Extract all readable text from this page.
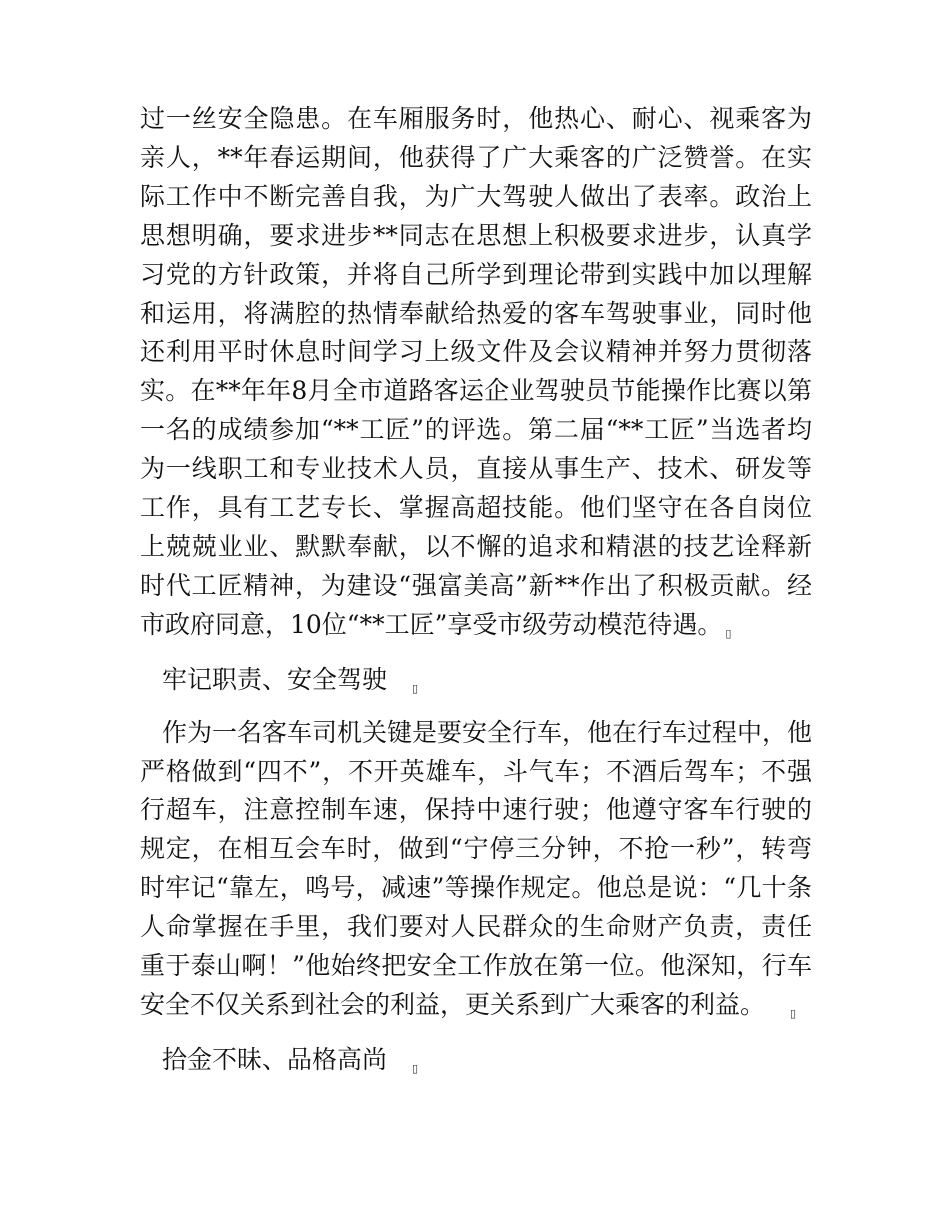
过一丝安全隐患。在车厢服务时，他热心、耐心、视乘客为亲人，**年春运期间，他获得了广大乘客的广泛赞誉。在实际工作中不断完善自我，为广大驾驶人做出了表率。政治上思想明确，要求进步**同志在思想上积极要求进步，认真学习党的方针政策，并将自己所学到理论带到实践中加以理解和运用，将满腔的热情奉献给热爱的客车驾驶事业，同时他还利用平时休息时间学习上级文件及会议精神并努力贯彻落实。在**年年8月全市道路客运企业驾驶员节能操作比赛以第一名的成绩参加“**工匠”的评选。第二届“**工匠”当选者均为一线职工和专业技术人员，直接从事生产、技术、研发等工作，具有工艺专长、掌握高超技能。他们坚守在各自岗位上兢兢业业、默默奉献，以不懈的追求和精湛的技艺诠释新时代工匠精神，为建设“强富美高”新**作出了积极贡献。经市政府同意，10位“**工匠”享受市级劳动模范待遇。 ▯

牢记职责、安全驾驶 ▯

作为一名客车司机关键是要安全行车，他在行车过程中，他严格做到“四不”，不开英雄车，斗气车；不酒后驾车；不强行超车，注意控制车速，保持中速行驶；他遵守客车行驶的规定，在相互会车时，做到“宁停三分钟，不抢一秒”，转弯时牢记“靠左，鸣号，减速”等操作规定。他总是说：“几十条人命掌握在手里，我们要对人民群众的生命财产负责，责任重于泰山啊！”他始终把安全工作放在第一位。他深知，行车安全不仅关系到社会的利益，更关系到广大乘客的利益。 ▯

拾金不昧、品格高尚 ▯
